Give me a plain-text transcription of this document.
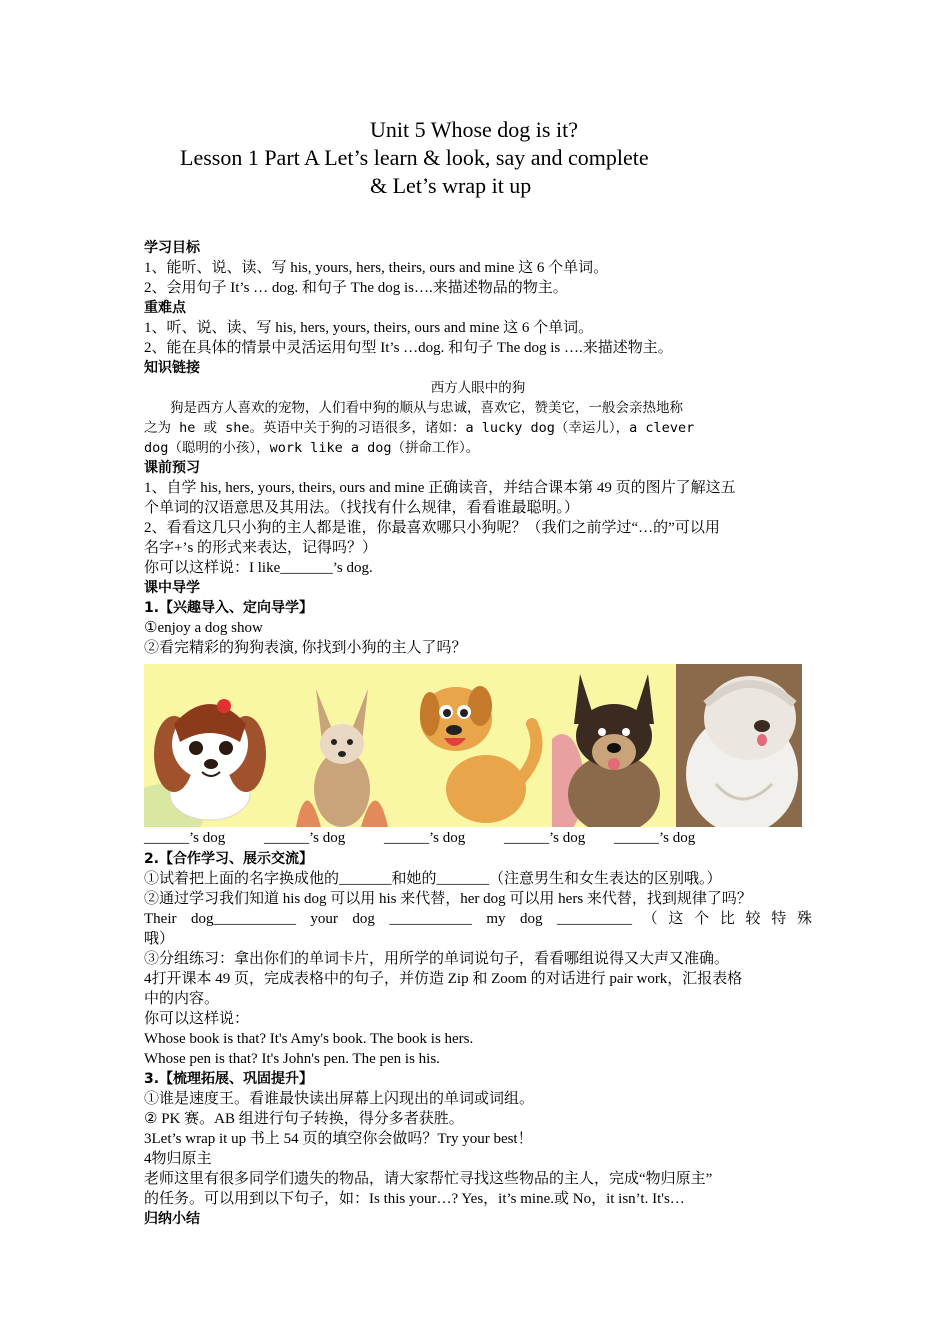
Unit 5 Whose dog is it?
Lesson 1 Part A Let’s learn & look, say and complete
& Let’s wrap it up
学习目标
1、能听、说、读、写 his, yours, hers, theirs, ours and mine 这 6 个单词。
2、会用句子 It’s … dog. 和句子 The dog is….来描述物品的物主。
重难点
1、听、说、读、写 his, hers, yours, theirs, ours and mine 这 6 个单词。
2、能在具体的情景中灵活运用句型 It’s …dog. 和句子 The dog is ….来描述物主。
知识链接
西方人眼中的狗
狗是西方人喜欢的宠物，人们看中狗的顺从与忠诚，喜欢它，赞美它，一般会亲热地称
之为 he 或 she。英语中关于狗的习语很多，诸如：a lucky dog（幸运儿），a clever
dog（聪明的小孩），work like a dog（拼命工作）。
课前预习
1、自学 his, hers, yours, theirs, ours and mine 正确读音，并结合课本第 49 页的图片了解这五
个单词的汉语意思及其用法。（找找有什么规律，看看谁最聪明。）
2、看看这几只小狗的主人都是谁，你最喜欢哪只小狗呢？（我们之前学过“…的”可以用
名字+’s 的形式来表达，记得吗？）
你可以这样说：I like_______’s dog.
课中导学
1.【兴趣导入、定向导学】
①enjoy a dog show
②看完精彩的狗狗表演, 你找到小狗的主人了吗？
______’s dog	______’s dog	______’s dog	______’s dog	______’s dog
2.【合作学习、展示交流】
①试着把上面的名字换成他的_______和她的_______（注意男生和女生表达的区别哦。）
②通过学习我们知道 his dog 可以用 his 来代替，her dog 可以用 hers 来代替，找到规律了吗？
Their dog___________ your dog ___________ my dog __________（这个比较特殊
哦）
③分组练习：拿出你们的单词卡片，用所学的单词说句子，看看哪组说得又大声又准确。
4打开课本 49 页，完成表格中的句子，并仿造 Zip 和 Zoom 的对话进行 pair work，汇报表格
中的内容。
你可以这样说：
Whose book is that? It's Amy's book. The book is hers.
Whose pen is that? It's John's pen. The pen is his.
3.【梳理拓展、巩固提升】
①谁是速度王。看谁最快读出屏幕上闪现出的单词或词组。
② PK 赛。AB 组进行句子转换，得分多者获胜。
3Let’s wrap it up 书上 54 页的填空你会做吗？Try your best！
4物归原主
老师这里有很多同学们遗失的物品，请大家帮忙寻找这些物品的主人，完成“物归原主”
的任务。可以用到以下句子，如：Is this your…? Yes，it’s mine.或 No，it isn’t. It's…
归纳小结
